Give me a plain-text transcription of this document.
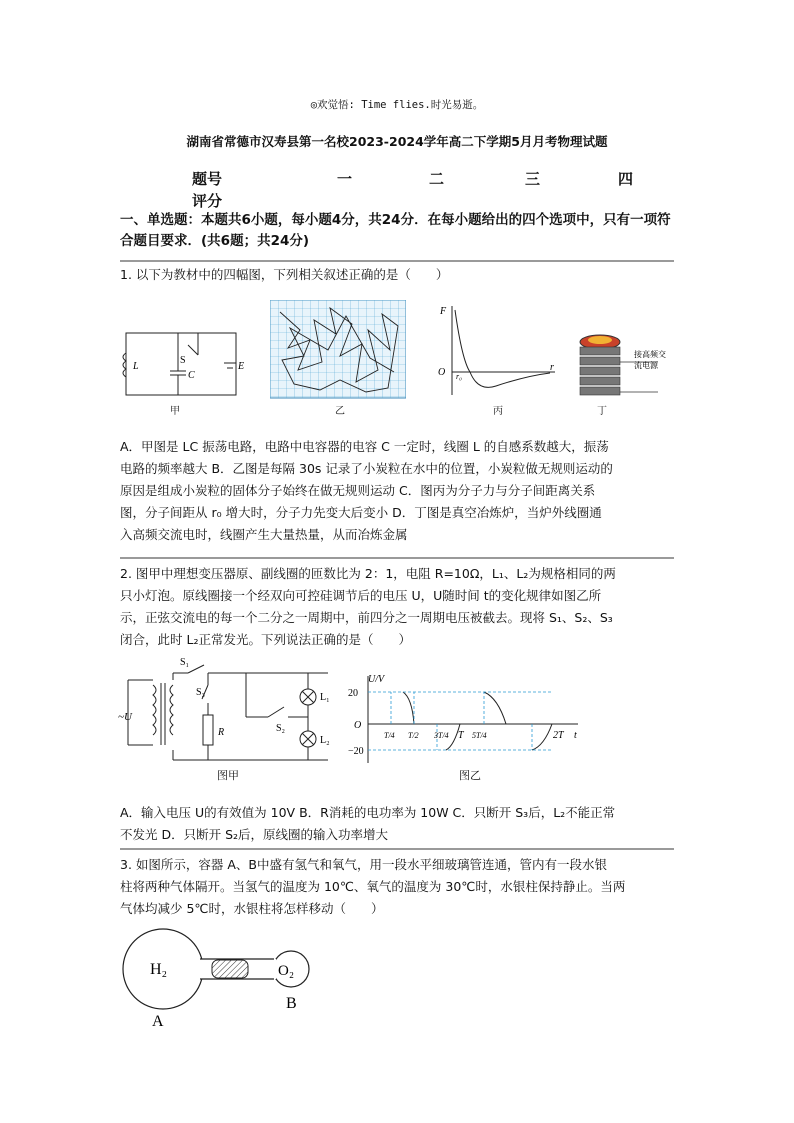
◎欢觉悟: Time flies.时光易逝。
湖南省常德市汉寿县第一名校2023-2024学年高二下学期5月月考物理试题
题号	一	二	三	四
评分
一、单选题：本题共6小题，每小题4分，共24分．在每小题给出的四个选项中，只有一项符合题目要求．(共6题；共24分)
1. 以下为教材中的四幅图，下列相关叙述正确的是（　　）
L
S
C
E
甲	乙
F
O r₀
r
丙
接高频交
流电源
丁
A．甲图是 LC 振荡电路，电路中电容器的电容 C 一定时，线圈 L 的自感系数越大，振荡
电路的频率越大 B．乙图是每隔 30s 记录了小炭粒在水中的位置，小炭粒做无规则运动的
原因是组成小炭粒的固体分子始终在做无规则运动 C．图丙为分子力与分子间距离关系
图，分子间距从 r₀ 增大时，分子力先变大后变小 D．丁图是真空冶炼炉，当炉外线圈通
入高频交流电时，线圈产生大量热量，从而冶炼金属
2. 图甲中理想变压器原、副线圈的匝数比为 2：1，电阻 R=10Ω，L₁、L₂为规格相同的两
只小灯泡。原线圈接一个经双向可控硅调节后的电压 U，U随时间 t的变化规律如图乙所
示，正弦交流电的每一个二分之一周期中，前四分之一周期电压被截去。现将 S₁、S₂、S₃
闭合，此时 L₂正常发光。下列说法正确的是（　　）
~U
S₁
S₃
R	S₂
L₁
L₂
图甲
U/V
20
O
−20
T/4 T/2 3T/4 T 5T/4	2T t
图乙
A．输入电压 U的有效值为 10V B．R消耗的电功率为 10W C．只断开 S₃后，L₂不能正常
不发光 D．只断开 S₂后，原线圈的输入功率增大
3. 如图所示，容器 A、B中盛有氢气和氧气，用一段水平细玻璃管连通，管内有一段水银
柱将两种气体隔开。当氢气的温度为 10℃、氧气的温度为 30℃时，水银柱保持静止。当两
气体均减少 5℃时，水银柱将怎样移动（　　）
H₂	O₂
A
B
